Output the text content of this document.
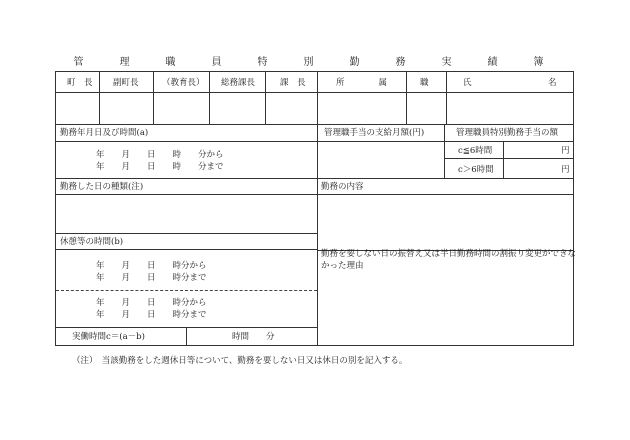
管　理　職　員　特　別　勤　務　実　績　簿
町　長 副町長	（教育長） 総務課長	課　長	所　　　　属	職	氏　　　　　　　　　名
勤務年月日及び時間(a)	管理職手当の支給月額(円)	管理職員特別勤務手当の額
年　　月　　日　　時　　分から
年　　月　　日　　時　　分まで
c≦6時間	円
c＞6時間	円
勤務した日の種類(注)	勤務の内容
休憩等の時間(b)
勤務を要しない日の振替え又は半日勤務時間の割振り変更ができな
かった理由
年　　月　　日　　時分から
年　　月　　日　　時分まで
年　　月　　日　　時分から
年　　月　　日　　時分まで
実働時間c＝(a－b)	時間　　分
（注）　当該勤務をした週休日等について、勤務を要しない日又は休日の別を記入する。
